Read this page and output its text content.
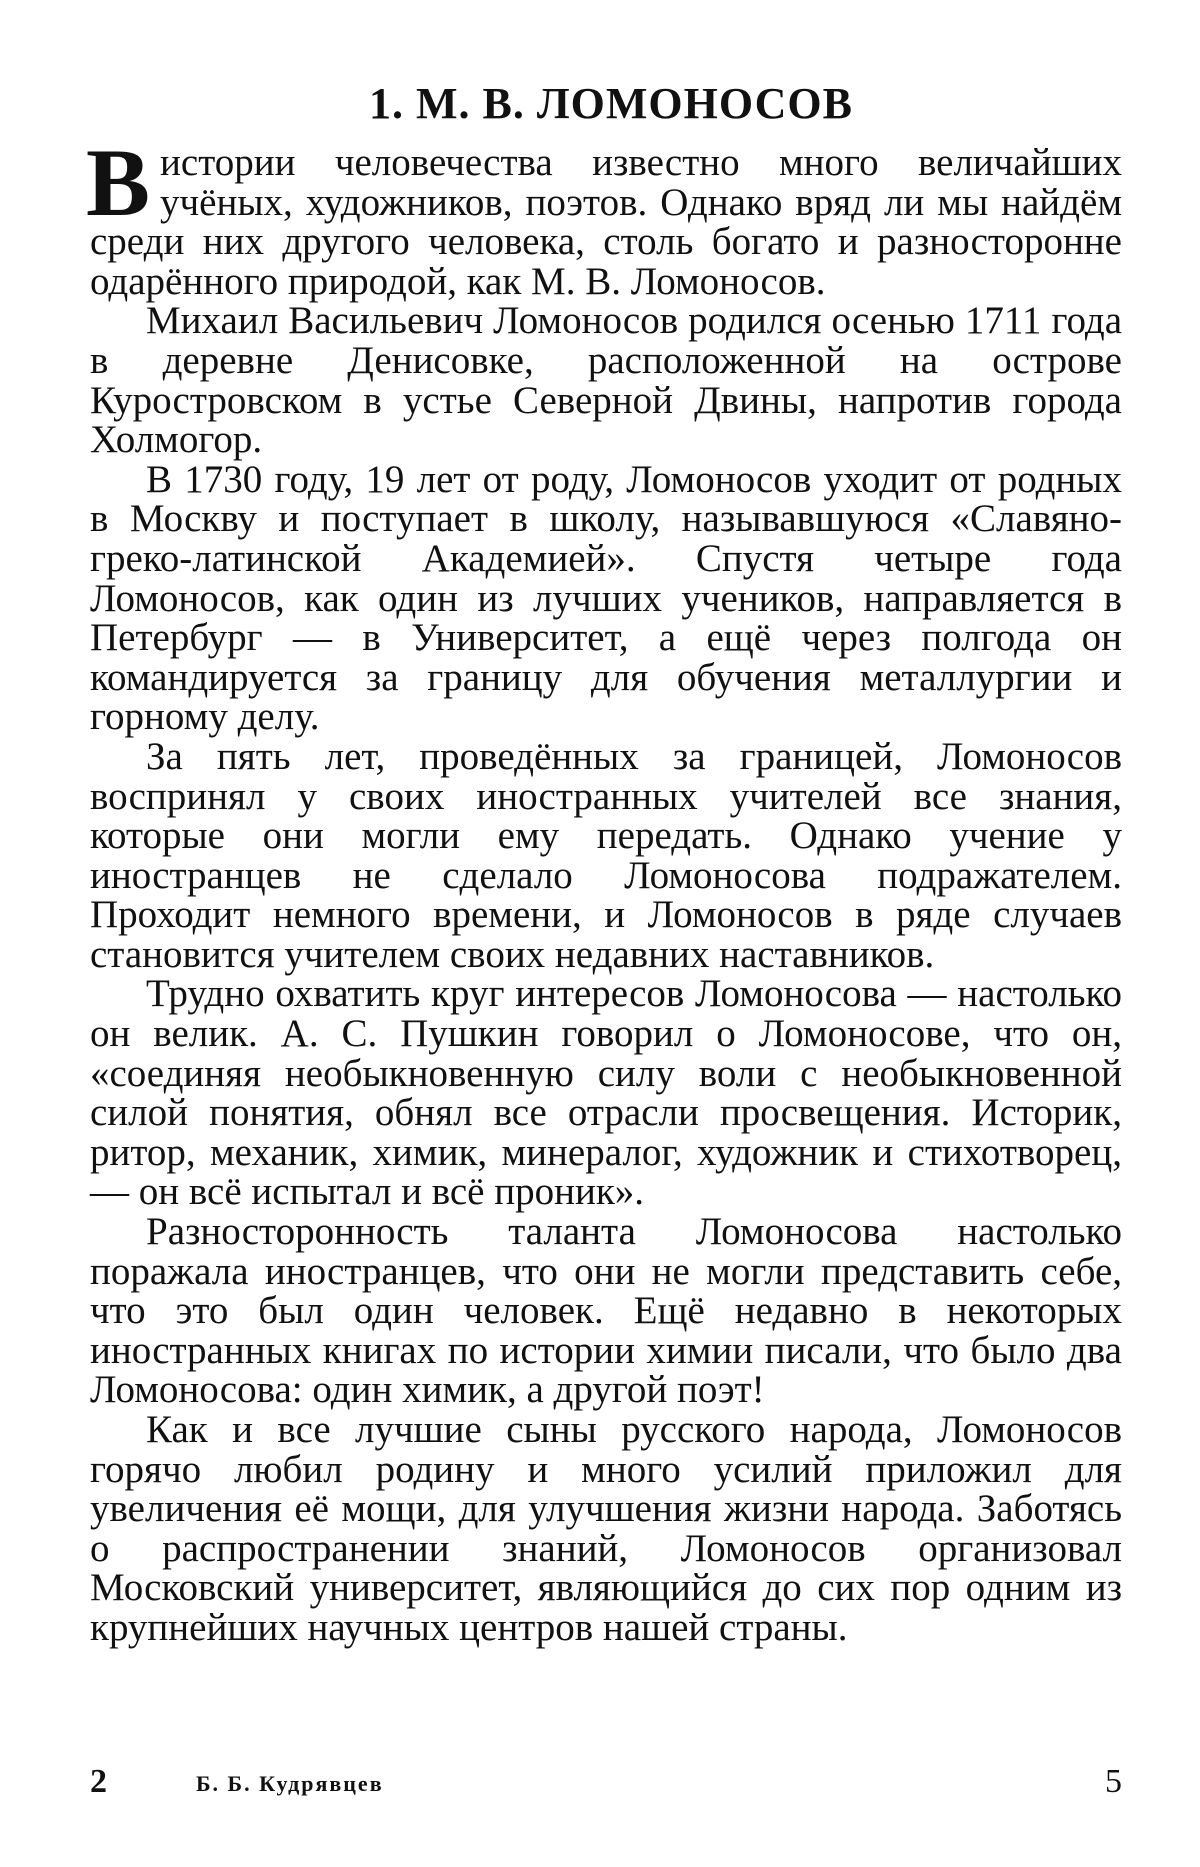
1. М. В. ЛОМОНОСОВ

В истории человечества известно много величайших учёных, художников, поэтов. Однако вряд ли мы найдём среди них другого человека, столь богато и разносторонне одарённого природой, как М. В. Ломоносов.

Михаил Васильевич Ломоносов родился осенью 1711 года в деревне Денисовке, расположенной на острове Куростровском в устье Северной Двины, напротив города Холмогор.

В 1730 году, 19 лет от роду, Ломоносов уходит от родных в Москву и поступает в школу, называвшуюся «Славяно-греко-латинской Академией». Спустя четыре года Ломоносов, как один из лучших учеников, направляется в Петербург — в Университет, а ещё через полгода он командируется за границу для обучения металлургии и горному делу.

За пять лет, проведённых за границей, Ломоносов воспринял у своих иностранных учителей все знания, которые они могли ему передать. Однако учение у иностранцев не сделало Ломоносова подражателем. Проходит немного времени, и Ломоносов в ряде случаев становится учителем своих недавних наставников.

Трудно охватить круг интересов Ломоносова — настолько он велик. А. С. Пушкин говорил о Ломоносове, что он, «соединяя необыкновенную силу воли с необыкновенной силой понятия, обнял все отрасли просвещения. Историк, ритор, механик, химик, минералог, художник и стихотворец, — он всё испытал и всё проник».

Разносторонность таланта Ломоносова настолько поражала иностранцев, что они не могли представить себе, что это был один человек. Ещё недавно в некоторых иностранных книгах по истории химии писали, что было два Ломоносова: один химик, а другой поэт!

Как и все лучшие сыны русского народа, Ломоносов горячо любил родину и много усилий приложил для увеличения её мощи, для улучшения жизни народа. Заботясь о распространении знаний, Ломоносов организовал Московский университет, являющийся до сих пор одним из крупнейших научных центров нашей страны.

2	Б. Б. Кудрявцев	5
